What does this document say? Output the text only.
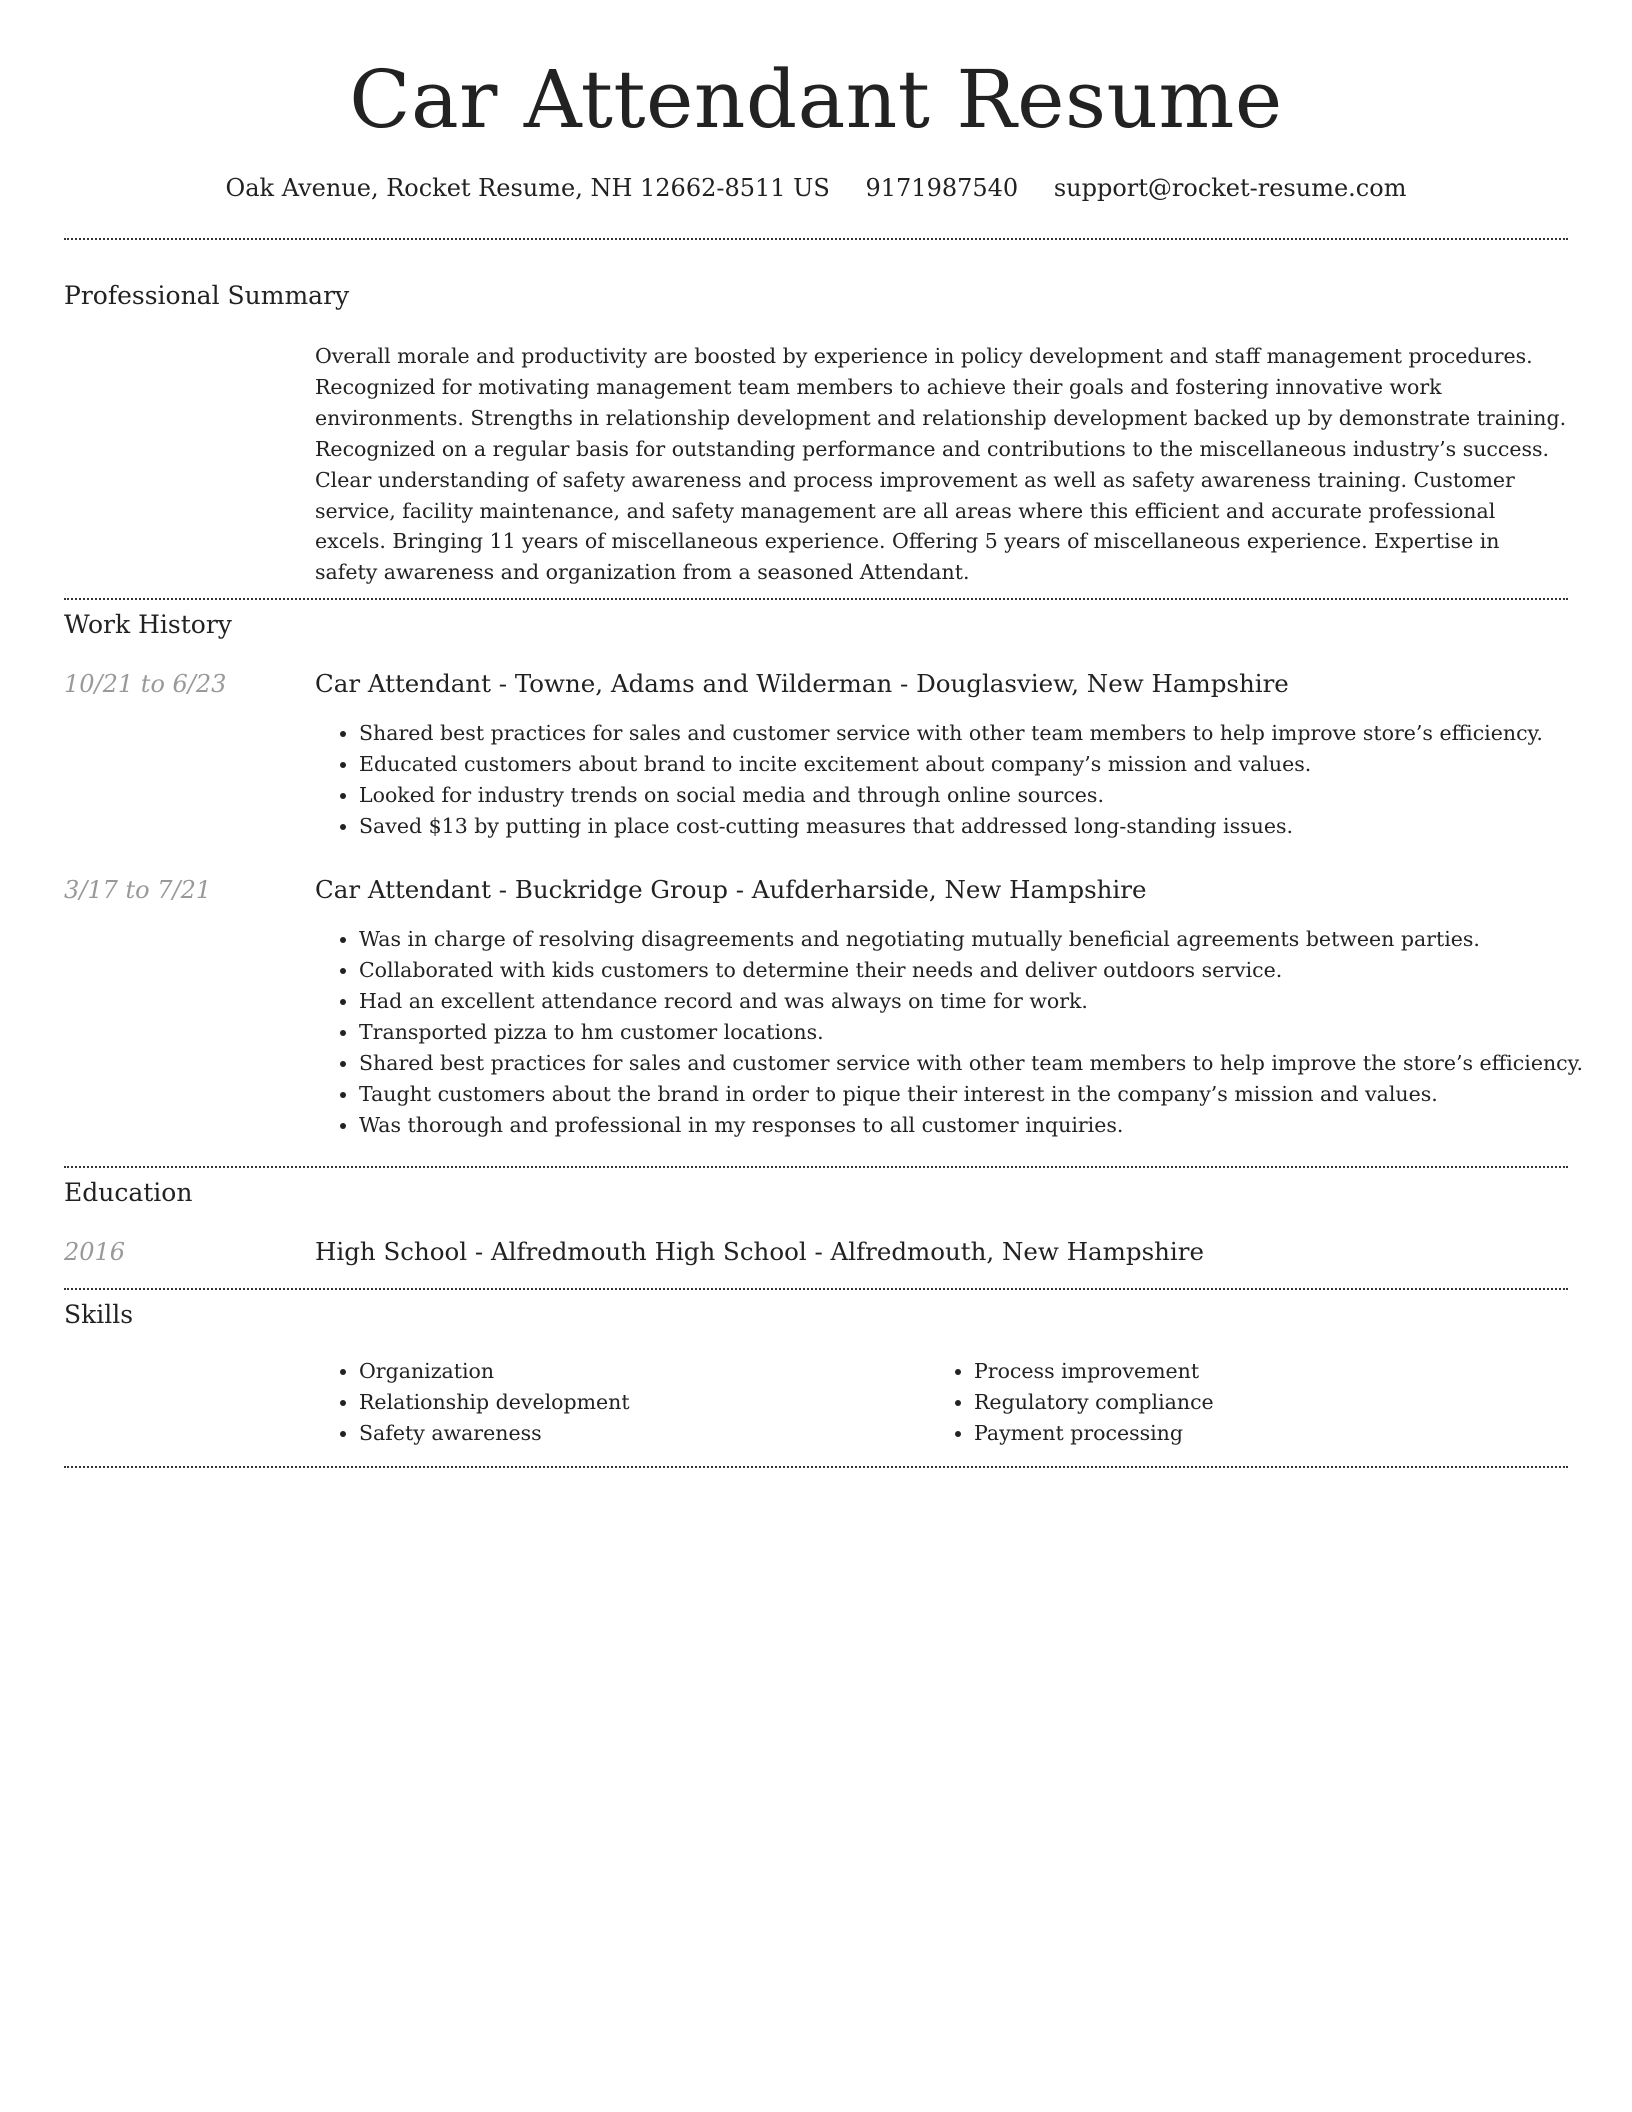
Car Attendant Resume
Oak Avenue, Rocket Resume, NH 12662-8511 US 9171987540 support@rocket-resume.com
Professional Summary

Overall morale and productivity are boosted by experience in policy development and staff management procedures. Recognized for motivating management team members to achieve their goals and fostering innovative work environments. Strengths in relationship development and relationship development backed up by demonstrate training. Recognized on a regular basis for outstanding performance and contributions to the miscellaneous industry’s success. Clear understanding of safety awareness and process improvement as well as safety awareness training. Customer service, facility maintenance, and safety management are all areas where this efficient and accurate professional excels. Bringing 11 years of miscellaneous experience. Offering 5 years of miscellaneous experience. Expertise in safety awareness and organization from a seasoned Attendant.

Work History
10/21 to 6/23	Car Attendant - Towne, Adams and Wilderman - Douglasview, New Hampshire
• Shared best practices for sales and customer service with other team members to help improve store’s efficiency.
• Educated customers about brand to incite excitement about company’s mission and values.
• Looked for industry trends on social media and through online sources.
• Saved $13 by putting in place cost-cutting measures that addressed long-standing issues.
3/17 to 7/21	Car Attendant - Buckridge Group - Aufderharside, New Hampshire
• Was in charge of resolving disagreements and negotiating mutually beneficial agreements between parties.
• Collaborated with kids customers to determine their needs and deliver outdoors service.
• Had an excellent attendance record and was always on time for work.
• Transported pizza to hm customer locations.
• Shared best practices for sales and customer service with other team members to help improve the store’s efficiency.
• Taught customers about the brand in order to pique their interest in the company’s mission and values.
• Was thorough and professional in my responses to all customer inquiries.
Education
2016	High School - Alfredmouth High School - Alfredmouth, New Hampshire
Skills
• Organization
• Relationship development
• Safety awareness
• Process improvement
• Regulatory compliance
• Payment processing
